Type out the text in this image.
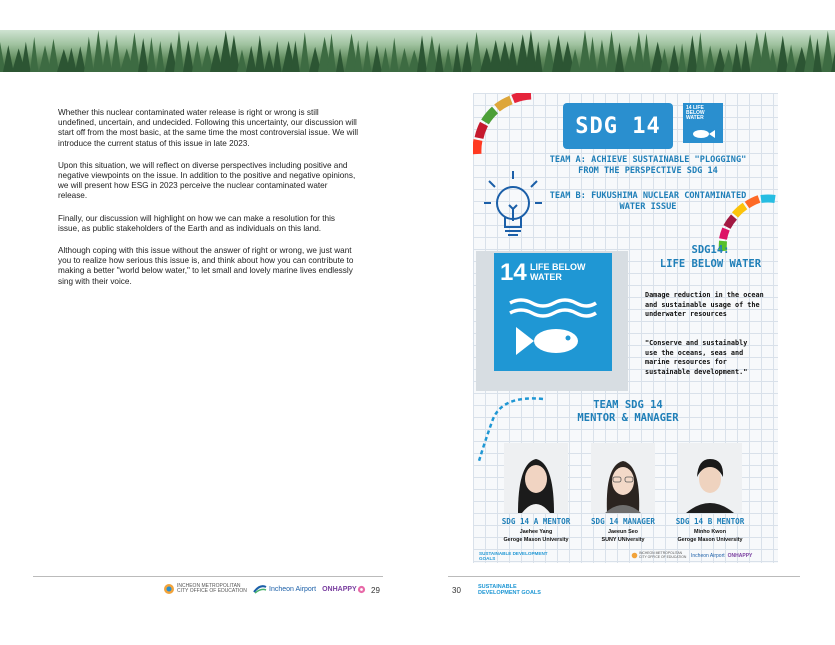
Whether this nuclear contaminated water release is right or wrong is still undefined, uncertain, and undecided. Following this uncertainty, our discussion will start off from the most basic, at the same time the most controversial issue. We will introduce the current status of this issue in late 2023.

Upon this situation, we will reflect on diverse perspectives including positive and negative viewpoints on the issue. In addition to the positive and negative opinions, we will present how ESG in 2023 perceive the nuclear contaminated water release.

Finally, our discussion will highlight on how we can make a resolution for this issue, as public stakeholders of the Earth and as individuals on this land.

Although coping with this issue without the answer of right or wrong, we just want you to realize how serious this issue is, and think about how you can contribute to making a better "world below water," to let small and lovely marine lives endlessly sing with their voice.

INCHEON METROPOLITAN CITY OFFICE OF EDUCATION	Incheon Airport ONHAPPY 29	30	SUSTAINABLE DEVELOPMENT GOALS
SDG 14
14 LIFE BELOW WATER
TEAM A: ACHIEVE SUSTAINABLE "PLOGGING" FROM THE PERSPECTIVE SDG 14
TEAM B: FUKUSHIMA NUCLEAR CONTAMINATED WATER ISSUE
14 LIFE BELOW WATER
SDG14:
LIFE BELOW WATER
Damage reduction in the ocean and sustainable usage of the underwater resources
"Conserve and sustainably use the oceans, seas and marine resources for sustainable development."
TEAM SDG 14
MENTOR & MANAGER
SDG 14 A MENTOR
Jaehee Yang
Geroge Mason University
SDG 14 MANAGER
Jaeeun Seo
SUNY UNiversity
SDG 14 B MENTOR
Minho Kwon
Geroge Mason University
SUSTAINABLE DEVELOPMENT GOALS
INCHEON METROPOLITAN CITY OFFICE OF EDUCATION Incheon Airport ONHAPPY
